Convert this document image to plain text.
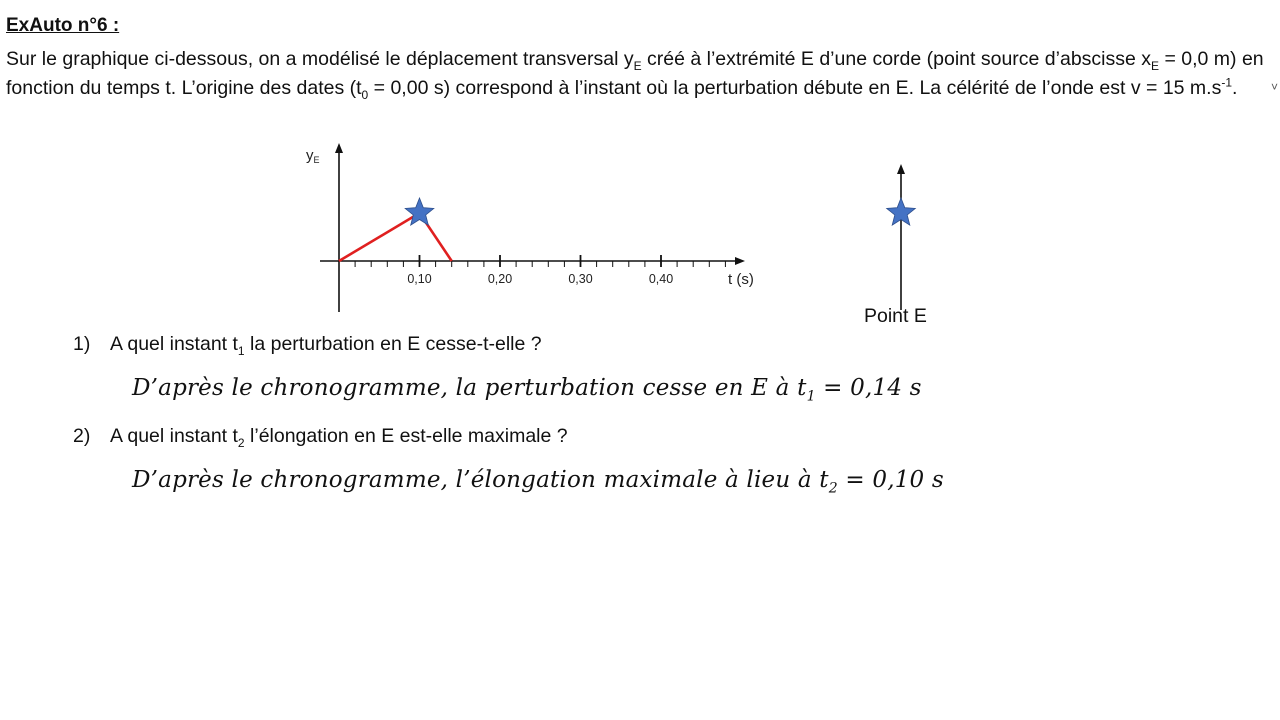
ExAuto n°6 :
Sur le graphique ci-dessous, on a modélisé le déplacement transversal $y_E$ créé à l’extrémité E d’une corde (point source d’abscisse $x_E = 0,0$ m) en fonction du temps t. L’origine des dates ($t_0 = 0,00$ s) correspond à l’instant où la perturbation débute en E. La célérité de l’onde est v = 15 $m.s^{-1}$.	˅
$y_E$
t (s)
0,10	0,20	0,30	0,40
Point E
1) A quel instant $t_1$ la perturbation en E cesse-t-elle ?
D’après le chronogramme, la perturbation cesse en E à $t_1 = 0,14$ s
2) A quel instant $t_2$ l’élongation en E est-elle maximale ?
D’après le chronogramme, l’élongation maximale à lieu à $t_2 = 0,10$ s
